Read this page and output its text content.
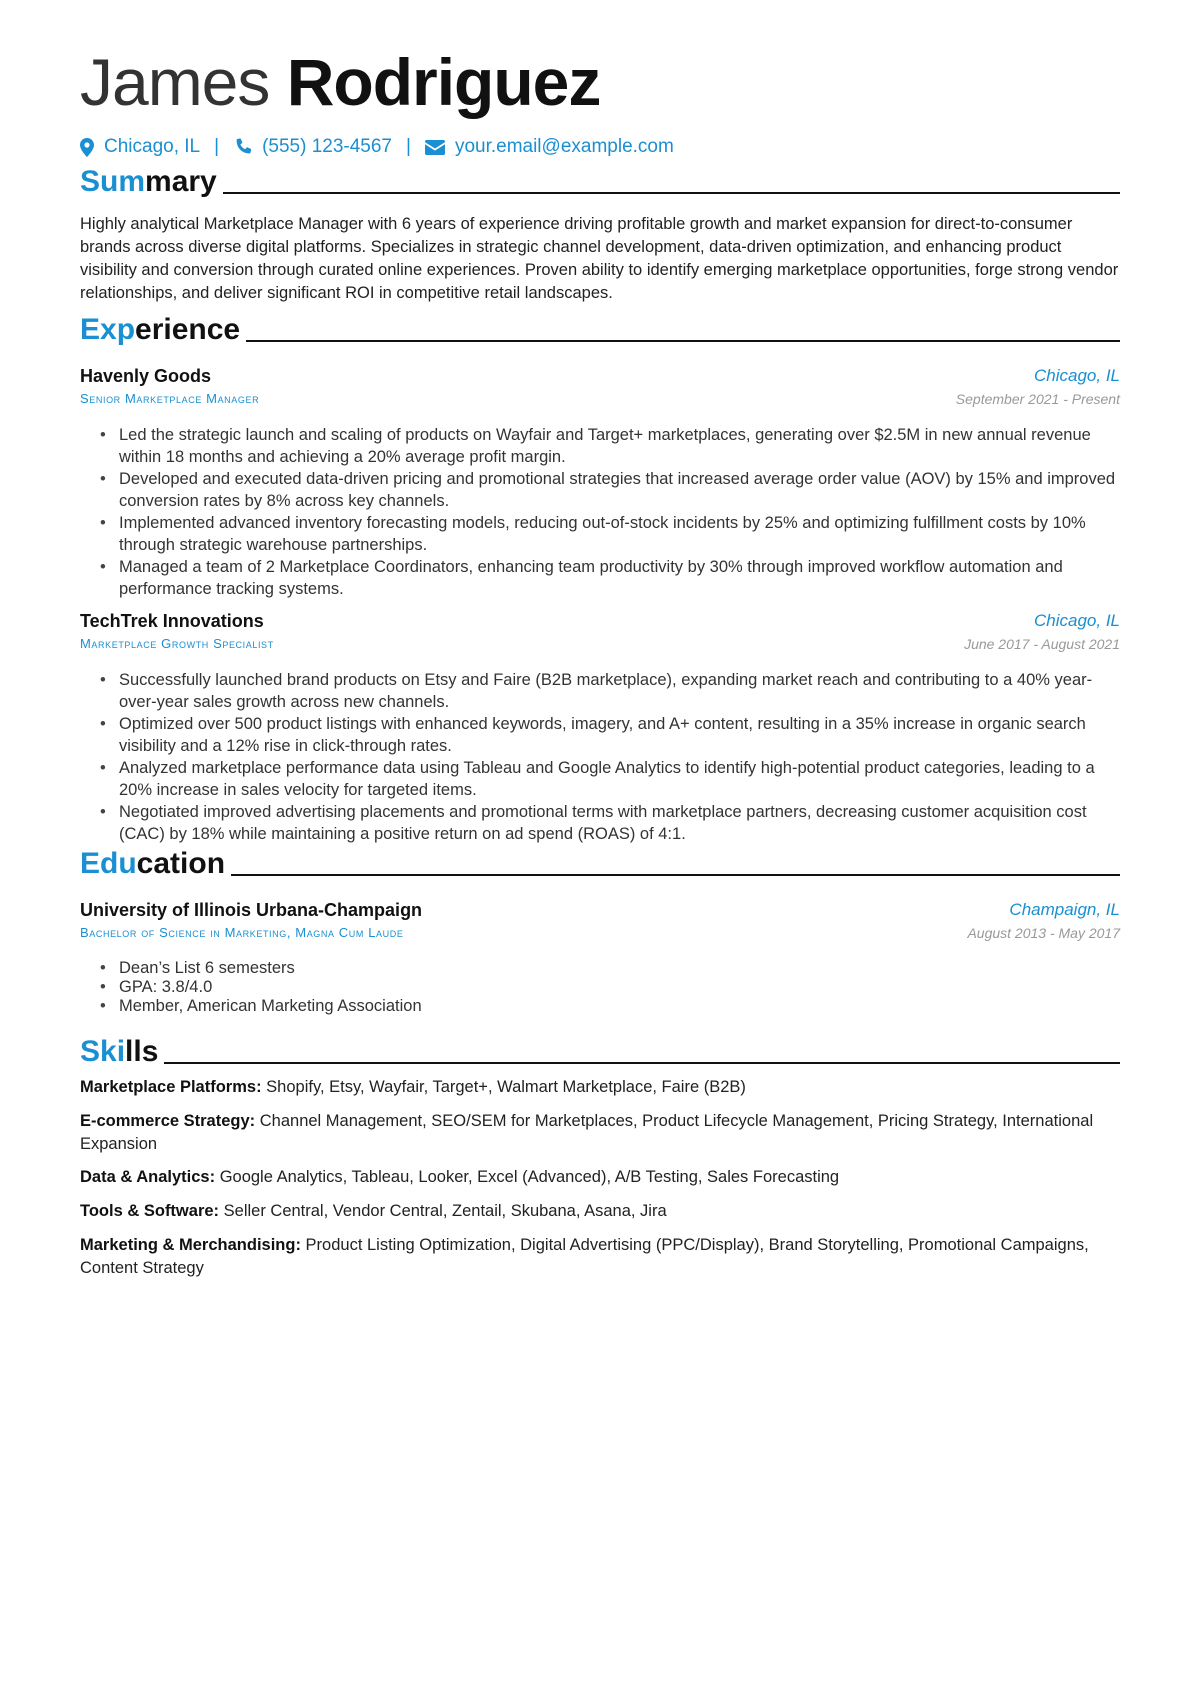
James Rodriguez
Chicago, IL | (555) 123-4567 | your.email@example.com
Summary

Highly analytical Marketplace Manager with 6 years of experience driving profitable growth and market expansion for direct-to-consumer brands across diverse digital platforms. Specializes in strategic channel development, data-driven optimization, and enhancing product visibility and conversion through curated online experiences. Proven ability to identify emerging marketplace opportunities, forge strong vendor relationships, and deliver significant ROI in competitive retail landscapes.

Experience
Havenly Goods	Chicago, IL
Senior Marketplace Manager	September 2021 - Present
• Led the strategic launch and scaling of products on Wayfair and Target+ marketplaces, generating over $2.5M in new annual revenue within 18 months and achieving a 20% average profit margin.
• Developed and executed data-driven pricing and promotional strategies that increased average order value (AOV) by 15% and improved conversion rates by 8% across key channels.
• Implemented advanced inventory forecasting models, reducing out-of-stock incidents by 25% and optimizing fulfillment costs by 10% through strategic warehouse partnerships.
• Managed a team of 2 Marketplace Coordinators, enhancing team productivity by 30% through improved workflow automation and performance tracking systems.
TechTrek Innovations	Chicago, IL
Marketplace Growth Specialist	June 2017 - August 2021
• Successfully launched brand products on Etsy and Faire (B2B marketplace), expanding market reach and contributing to a 40% year-over-year sales growth across new channels.
• Optimized over 500 product listings with enhanced keywords, imagery, and A+ content, resulting in a 35% increase in organic search visibility and a 12% rise in click-through rates.
• Analyzed marketplace performance data using Tableau and Google Analytics to identify high-potential product categories, leading to a 20% increase in sales velocity for targeted items.
• Negotiated improved advertising placements and promotional terms with marketplace partners, decreasing customer acquisition cost (CAC) by 18% while maintaining a positive return on ad spend (ROAS) of 4:1.
Education
University of Illinois Urbana-Champaign	Champaign, IL
Bachelor of Science in Marketing, Magna Cum Laude	August 2013 - May 2017
• Dean’s List 6 semesters
• GPA: 3.8/4.0
• Member, American Marketing Association
Skills

Marketplace Platforms: Shopify, Etsy, Wayfair, Target+, Walmart Marketplace, Faire (B2B)

E-commerce Strategy: Channel Management, SEO/SEM for Marketplaces, Product Lifecycle Management, Pricing Strategy, International Expansion

Data & Analytics: Google Analytics, Tableau, Looker, Excel (Advanced), A/B Testing, Sales Forecasting

Tools & Software: Seller Central, Vendor Central, Zentail, Skubana, Asana, Jira

Marketing & Merchandising: Product Listing Optimization, Digital Advertising (PPC/Display), Brand Storytelling, Promotional Campaigns, Content Strategy
